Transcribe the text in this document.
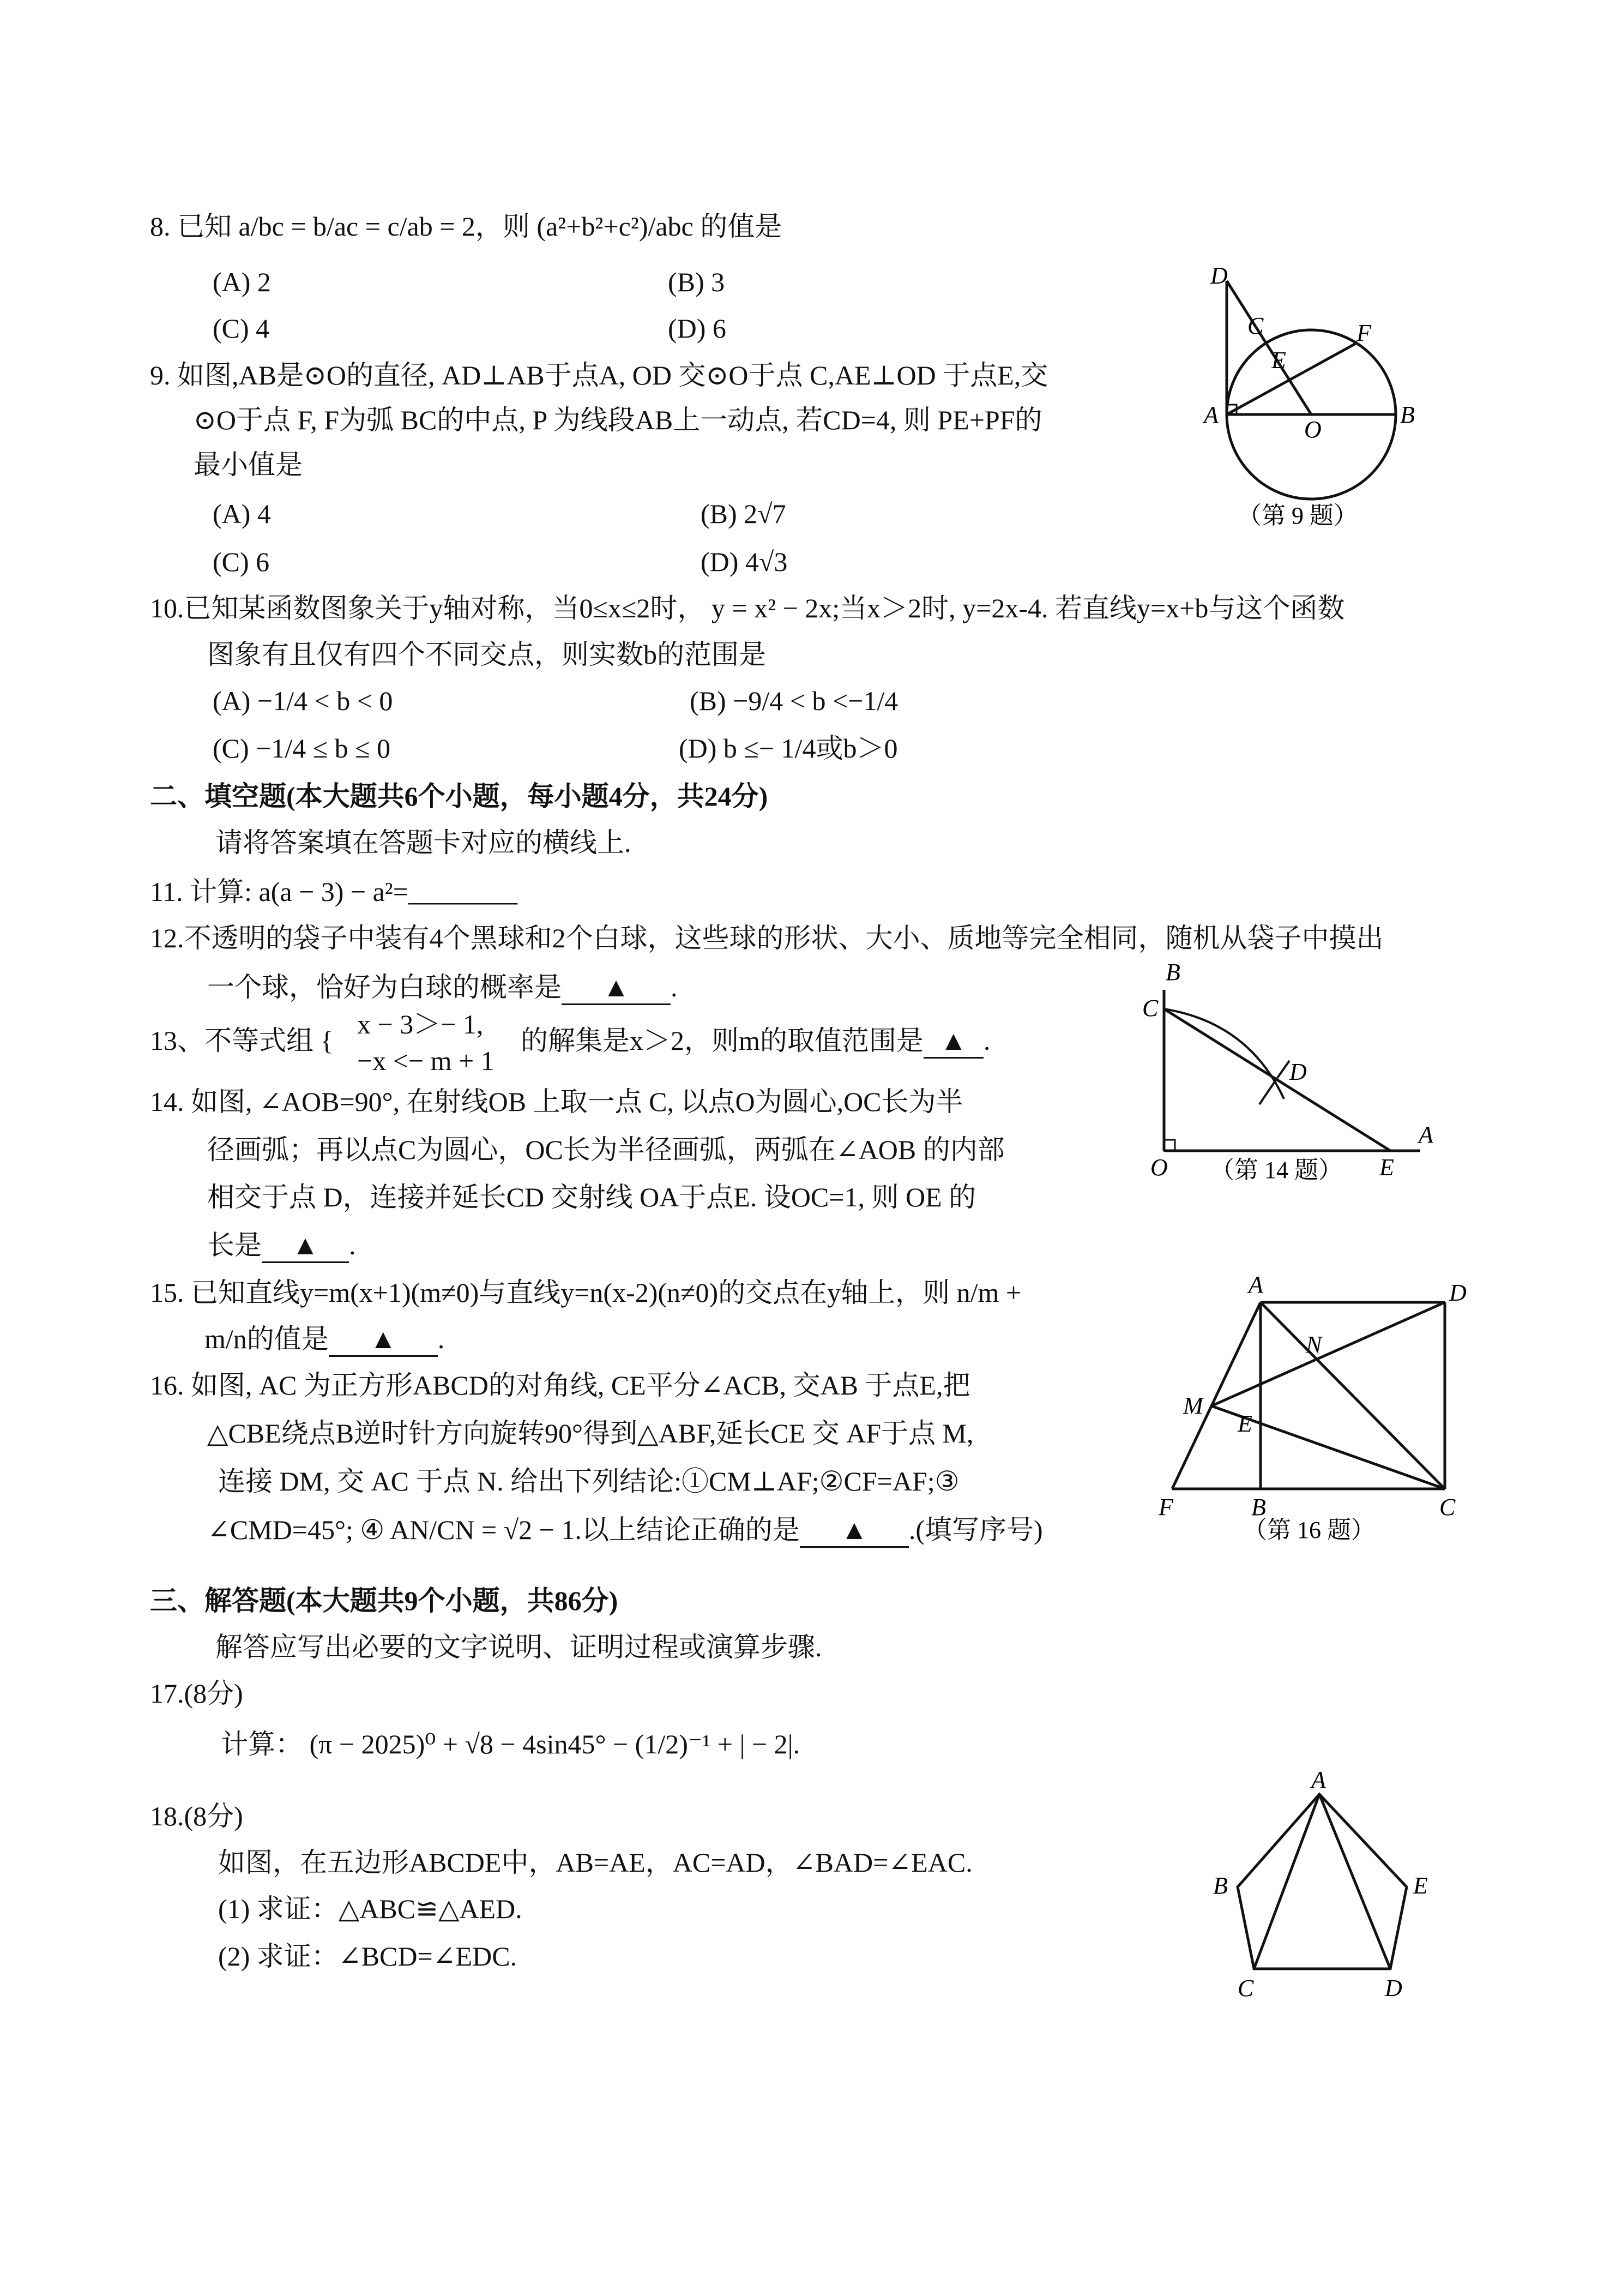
8. 已知 a/bc = b/ac = c/ab = 2，则 (a²+b²+c²)/abc 的值是
(A) 2	(B) 3
(C) 4	(D) 6
9. 如图,AB是⊙O的直径, AD⊥AB于点A, OD 交⊙O于点 C,AE⊥OD 于点E,交
⊙O于点 F, F为弧 BC的中点, P 为线段AB上一动点, 若CD=4, 则 PE+PF的
最小值是
(A) 4	(B) 2√7
(C) 6	(D) 4√3
D
C	F
E
A
O
B
（第 9 题）
10.已知某函数图象关于y轴对称，当0≤x≤2时， y = x² − 2x;当x＞2时, y=2x-4. 若直线y=x+b与这个函数
图象有且仅有四个不同交点，则实数b的范围是
(A) −1/4 < b < 0	(B) −9/4 < b <−1/4
(C) −1/4 ≤ b ≤ 0	(D) b ≤− 1/4或b＞0
二、填空题(本大题共6个小题，每小题4分，共24分)
请将答案填在答题卡对应的横线上.
11. 计算: a(a − 3) − a²=________
12.不透明的袋子中装有4个黑球和2个白球，这些球的形状、大小、质地等完全相同，随机从袋子中摸出
一个球，恰好为白球的概率是 ▲ .
13、不等式组 {
x − 3＞− 1,
−x <− m + 1
的解集是x＞2，则m的取值范围是 ▲ .
14. 如图, ∠AOB=90°, 在射线OB 上取一点 C, 以点O为圆心,OC长为半
径画弧；再以点C为圆心，OC长为半径画弧，两弧在∠AOB 的内部
相交于点 D，连接并延长CD 交射线 OA于点E. 设OC=1, 则 OE 的
长是 ▲ .
B
C
D
A
O	E
（第 14 题）
15. 已知直线y=m(x+1)(m≠0)与直线y=n(x-2)(n≠0)的交点在y轴上，则 n/m +
m/n的值是 ▲ .
16. 如图, AC 为正方形ABCD的对角线, CE平分∠ACB, 交AB 于点E,把
△CBE绕点B逆时针方向旋转90°得到△ABF,延长CE 交 AF于点 M,
连接 DM, 交 AC 于点 N. 给出下列结论:①CM⊥AF;②CF=AF;③
∠CMD=45°; ④ AN/CN = √2 − 1.以上结论正确的是 ▲ .(填写序号)
A	D
N
M
E
F	B	C
（第 16 题）
三、解答题(本大题共9个小题，共86分)
解答应写出必要的文字说明、证明过程或演算步骤.
17.(8分)
计算： (π − 2025)⁰ + √8 − 4sin45° − (1/2)⁻¹ + | − 2|.
18.(8分)
如图，在五边形ABCDE中，AB=AE，AC=AD，∠BAD=∠EAC.
(1) 求证：△ABC≌△AED.
(2) 求证：∠BCD=∠EDC.
A
B	E
C	D
